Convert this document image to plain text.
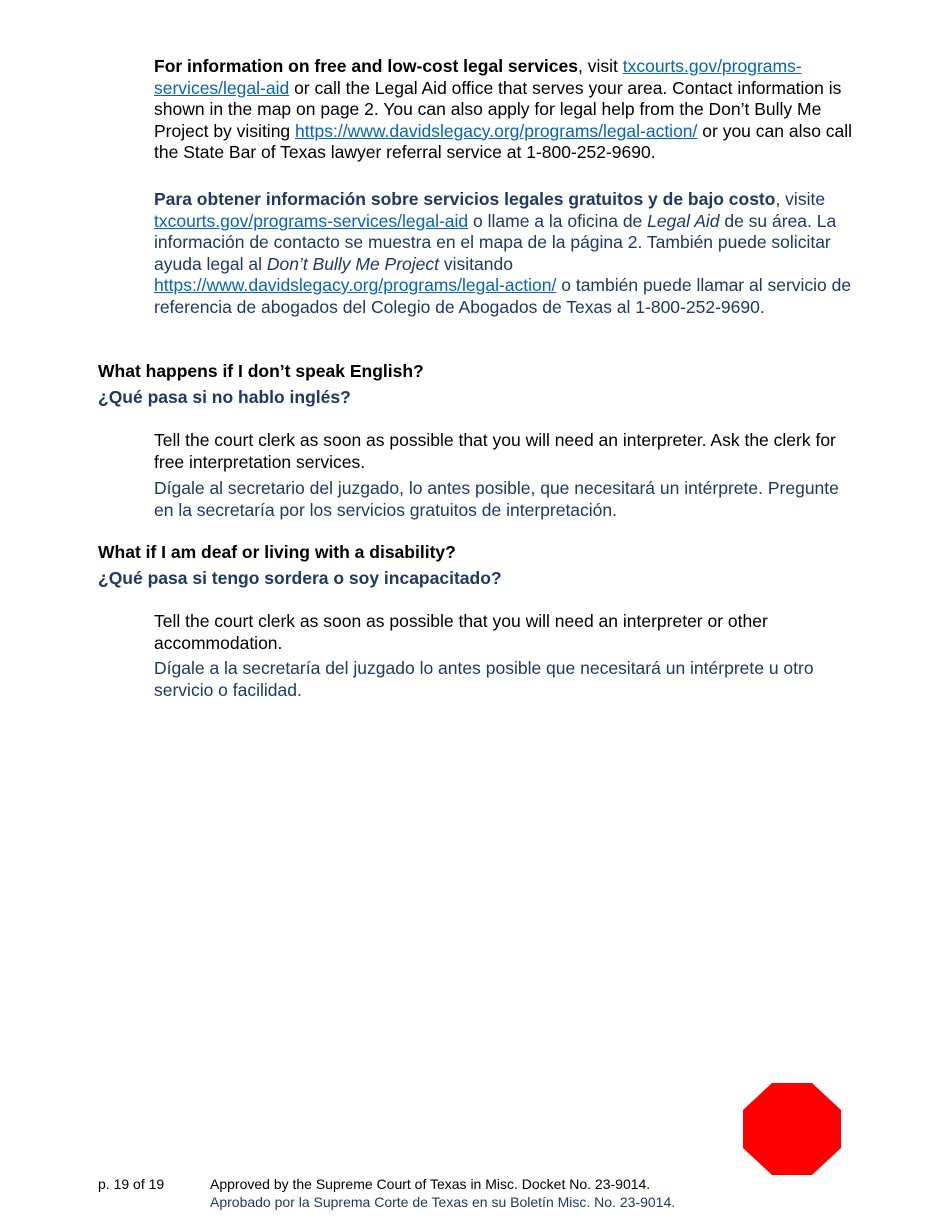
For information on free and low-cost legal services, visit txcourts.gov/programs-services/legal-aid or call the Legal Aid office that serves your area. Contact information is shown in the map on page 2. You can also apply for legal help from the Don’t Bully Me Project by visiting https://www.davidslegacy.org/programs/legal-action/ or you can also call the State Bar of Texas lawyer referral service at 1-800-252-9690.

Para obtener información sobre servicios legales gratuitos y de bajo costo, visite txcourts.gov/programs-services/legal-aid o llame a la oficina de Legal Aid de su área. La información de contacto se muestra en el mapa de la página 2. También puede solicitar ayuda legal al Don’t Bully Me Project visitando https://www.davidslegacy.org/programs/legal-action/ o también puede llamar al servicio de referencia de abogados del Colegio de Abogados de Texas al 1-800-252-9690.

What happens if I don’t speak English?
¿Qué pasa si no hablo inglés?

Tell the court clerk as soon as possible that you will need an interpreter. Ask the clerk for free interpretation services.

Dígale al secretario del juzgado, lo antes posible, que necesitará un intérprete. Pregunte en la secretaría por los servicios gratuitos de interpretación.

What if I am deaf or living with a disability?
¿Qué pasa si tengo sordera o soy incapacitado?

Tell the court clerk as soon as possible that you will need an interpreter or other accommodation.

Dígale a la secretaría del juzgado lo antes posible que necesitará un intérprete u otro servicio o facilidad.

p. 19 of 19	Approved by the Supreme Court of Texas in Misc. Docket No. 23-9014.
Aprobado por la Suprema Corte de Texas en su Boletín Misc. No. 23-9014.
